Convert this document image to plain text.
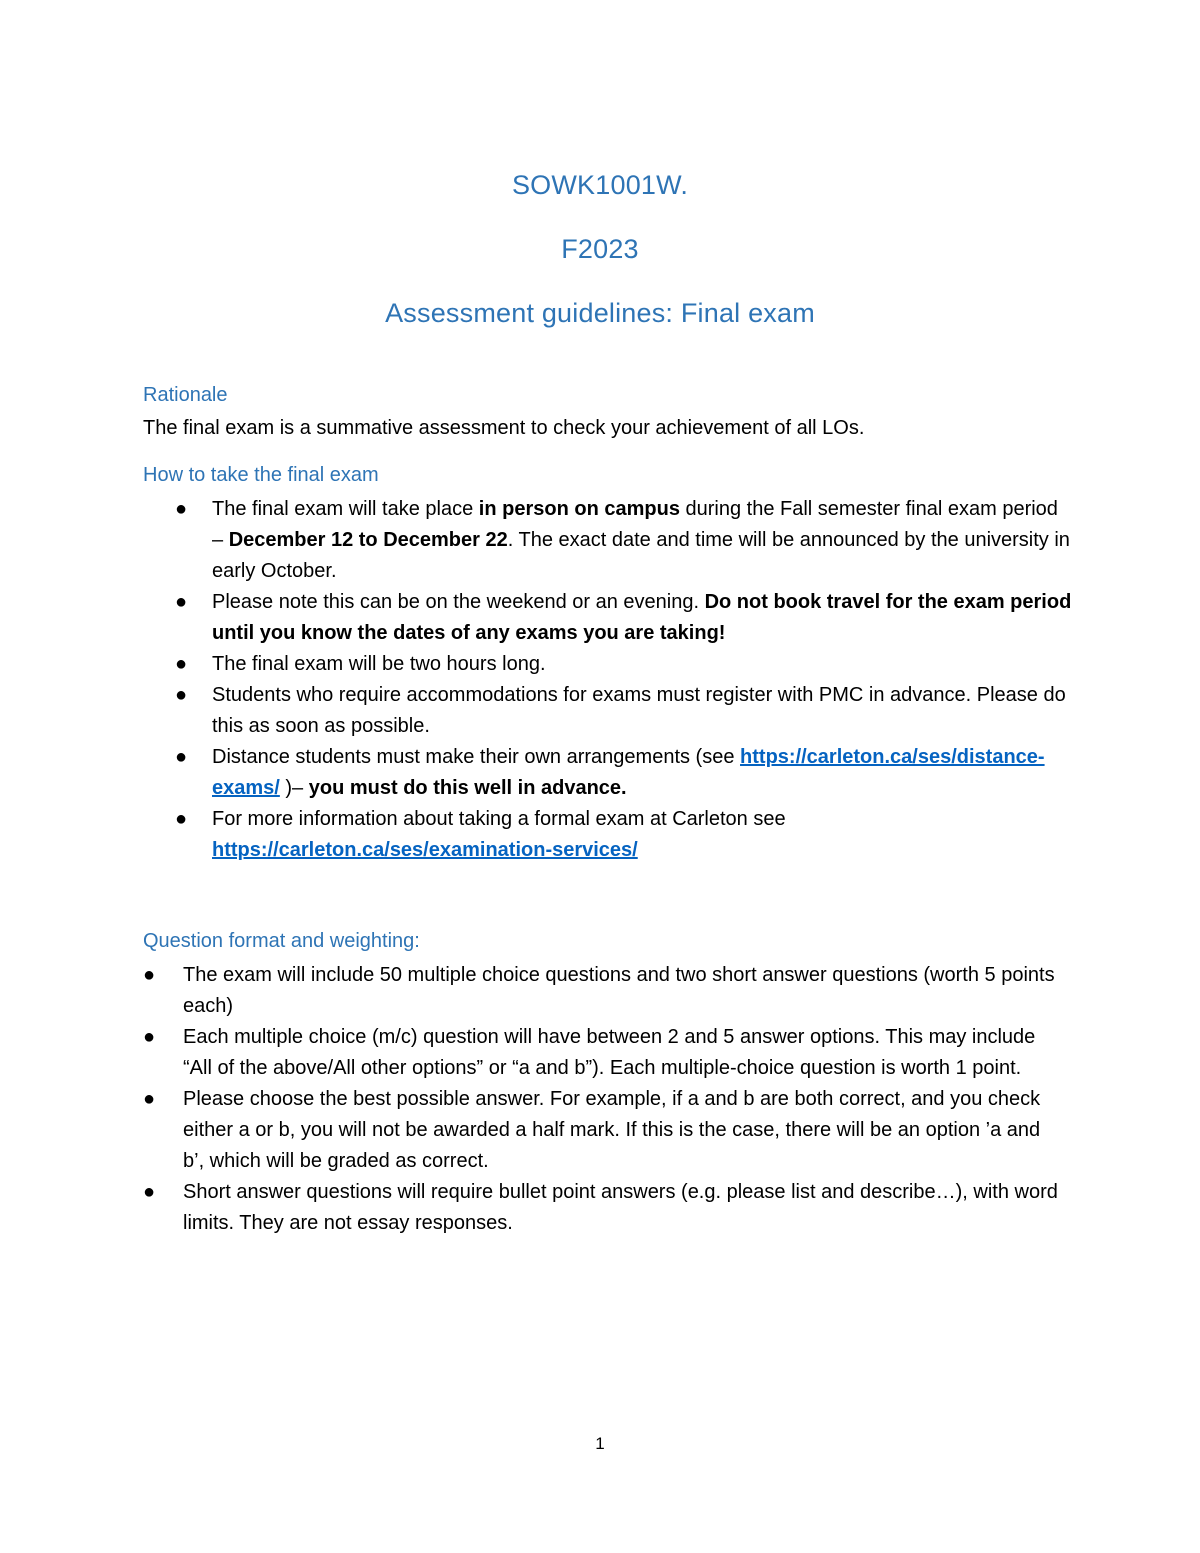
SOWK1001W.
F2023
Assessment guidelines: Final exam
Rationale

The final exam is a summative assessment to check your achievement of all LOs.

How to take the final exam
● The final exam will take place in person on campus during the Fall semester final exam period – December 12 to December 22. The exact date and time will be announced by the university in early October.
● Please note this can be on the weekend or an evening. Do not book travel for the exam period until you know the dates of any exams you are taking!
● The final exam will be two hours long.
● Students who require accommodations for exams must register with PMC in advance. Please do this as soon as possible.
● Distance students must make their own arrangements (see https://carleton.ca/ses/distance-exams/ )– you must do this well in advance.
● For more information about taking a formal exam at Carleton see https://carleton.ca/ses/examination-services/
Question format and weighting:
● The exam will include 50 multiple choice questions and two short answer questions (worth 5 points each)
● Each multiple choice (m/c) question will have between 2 and 5 answer options. This may include “All of the above/All other options” or “a and b”). Each multiple-choice question is worth 1 point.
● Please choose the best possible answer. For example, if a and b are both correct, and you check either a or b, you will not be awarded a half mark. If this is the case, there will be an option ’a and b’, which will be graded as correct.
● Short answer questions will require bullet point answers (e.g. please list and describe…), with word limits. They are not essay responses.
1
